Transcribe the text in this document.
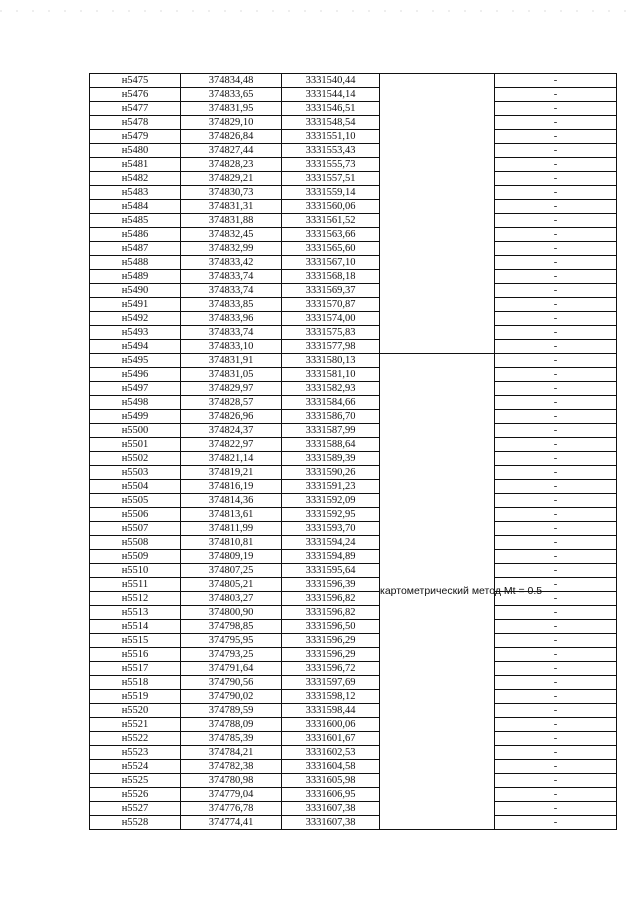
н5475	374834,48	3331540,44		-
н5476	374833,65	3331544,14		-
н5477	374831,95	3331546,51		-
н5478	374829,10	3331548,54		-
н5479	374826,84	3331551,10		-
н5480	374827,44	3331553,43		-
н5481	374828,23	3331555,73		-
н5482	374829,21	3331557,51		-
н5483	374830,73	3331559,14		-
н5484	374831,31	3331560,06		-
н5485	374831,88	3331561,52		-
н5486	374832,45	3331563,66		-
н5487	374832,99	3331565,60		-
н5488	374833,42	3331567,10		-
н5489	374833,74	3331568,18		-
н5490	374833,74	3331569,37		-
н5491	374833,85	3331570,87		-
н5492	374833,96	3331574,00		-
н5493	374833,74	3331575,83		-
н5494	374833,10	3331577,98		-
н5495	374831,91	3331580,13	картометрический метод Mt = 0.5	-
н5496	374831,05	3331581,10		-
н5497	374829,97	3331582,93		-
н5498	374828,57	3331584,66		-
н5499	374826,96	3331586,70		-
н5500	374824,37	3331587,99		-
н5501	374822,97	3331588,64		-
н5502	374821,14	3331589,39		-
н5503	374819,21	3331590,26		-
н5504	374816,19	3331591,23		-
н5505	374814,36	3331592,09		-
н5506	374813,61	3331592,95		-
н5507	374811,99	3331593,70		-
н5508	374810,81	3331594,24		-
н5509	374809,19	3331594,89		-
н5510	374807,25	3331595,64		-
н5511	374805,21	3331596,39		-
н5512	374803,27	3331596,82		-
н5513	374800,90	3331596,82		-
н5514	374798,85	3331596,50		-
н5515	374795,95	3331596,29		-
н5516	374793,25	3331596,29		-
н5517	374791,64	3331596,72		-
н5518	374790,56	3331597,69		-
н5519	374790,02	3331598,12		-
н5520	374789,59	3331598,44		-
н5521	374788,09	3331600,06		-
н5522	374785,39	3331601,67		-
н5523	374784,21	3331602,53		-
н5524	374782,38	3331604,58		-
н5525	374780,98	3331605,98		-
н5526	374779,04	3331606,95		-
н5527	374776,78	3331607,38		-
н5528	374774,41	3331607,38		-
